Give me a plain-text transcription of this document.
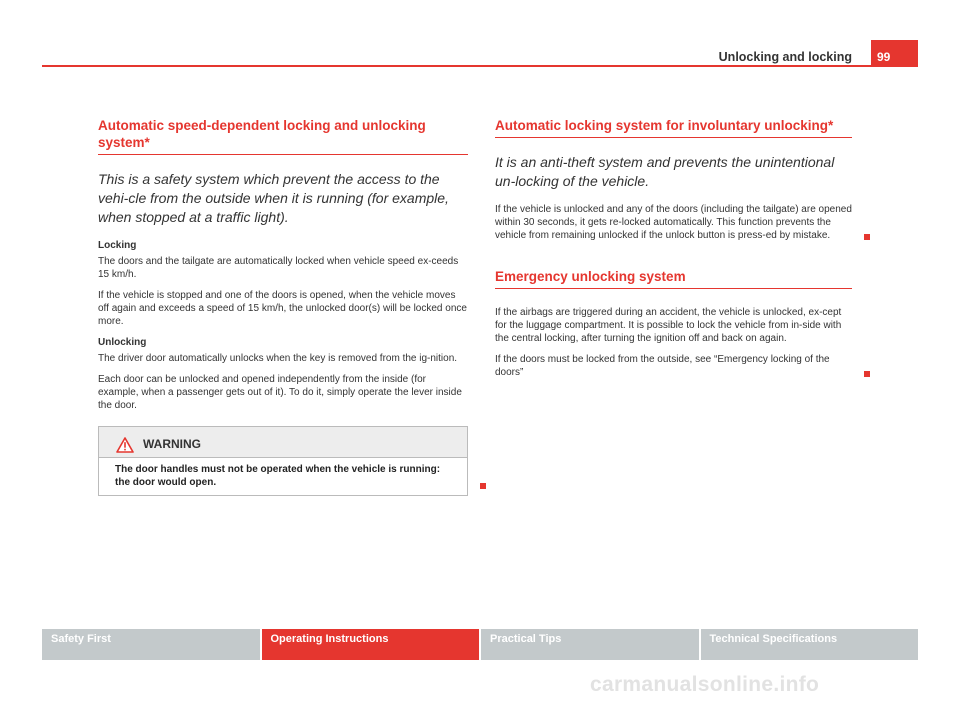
Unlocking and locking	99
Automatic speed-dependent locking and unlocking system*

This is a safety system which prevent the access to the vehi-cle from the outside when it is running (for example, when stopped at a traffic light).

Locking

The doors and the tailgate are automatically locked when vehicle speed ex-ceeds 15 km/h.

If the vehicle is stopped and one of the doors is opened, when the vehicle moves off again and exceeds a speed of 15 km/h, the unlocked door(s) will be locked once more.

Unlocking

The driver door automatically unlocks when the key is removed from the ig-nition.

Each door can be unlocked and opened independently from the inside (for example, when a passenger gets out of it). To do it, simply operate the lever inside the door.

WARNING
The door handles must not be operated when the vehicle is running: the door would open.
Automatic locking system for involuntary unlocking*

It is an anti-theft system and prevents the unintentional un-locking of the vehicle.

If the vehicle is unlocked and any of the doors (including the tailgate) are opened within 30 seconds, it gets re-locked automatically. This function prevents the vehicle from remaining unlocked if the unlock button is press-ed by mistake.

Emergency unlocking system

If the airbags are triggered during an accident, the vehicle is unlocked, ex-cept for the luggage compartment. It is possible to lock the vehicle from in-side with the central locking, after turning the ignition off and back on again.

If the doors must be locked from the outside, see “Emergency locking of the doors”

Safety First	Operating Instructions	Practical Tips	Technical Specifications
carmanualsonline.info
